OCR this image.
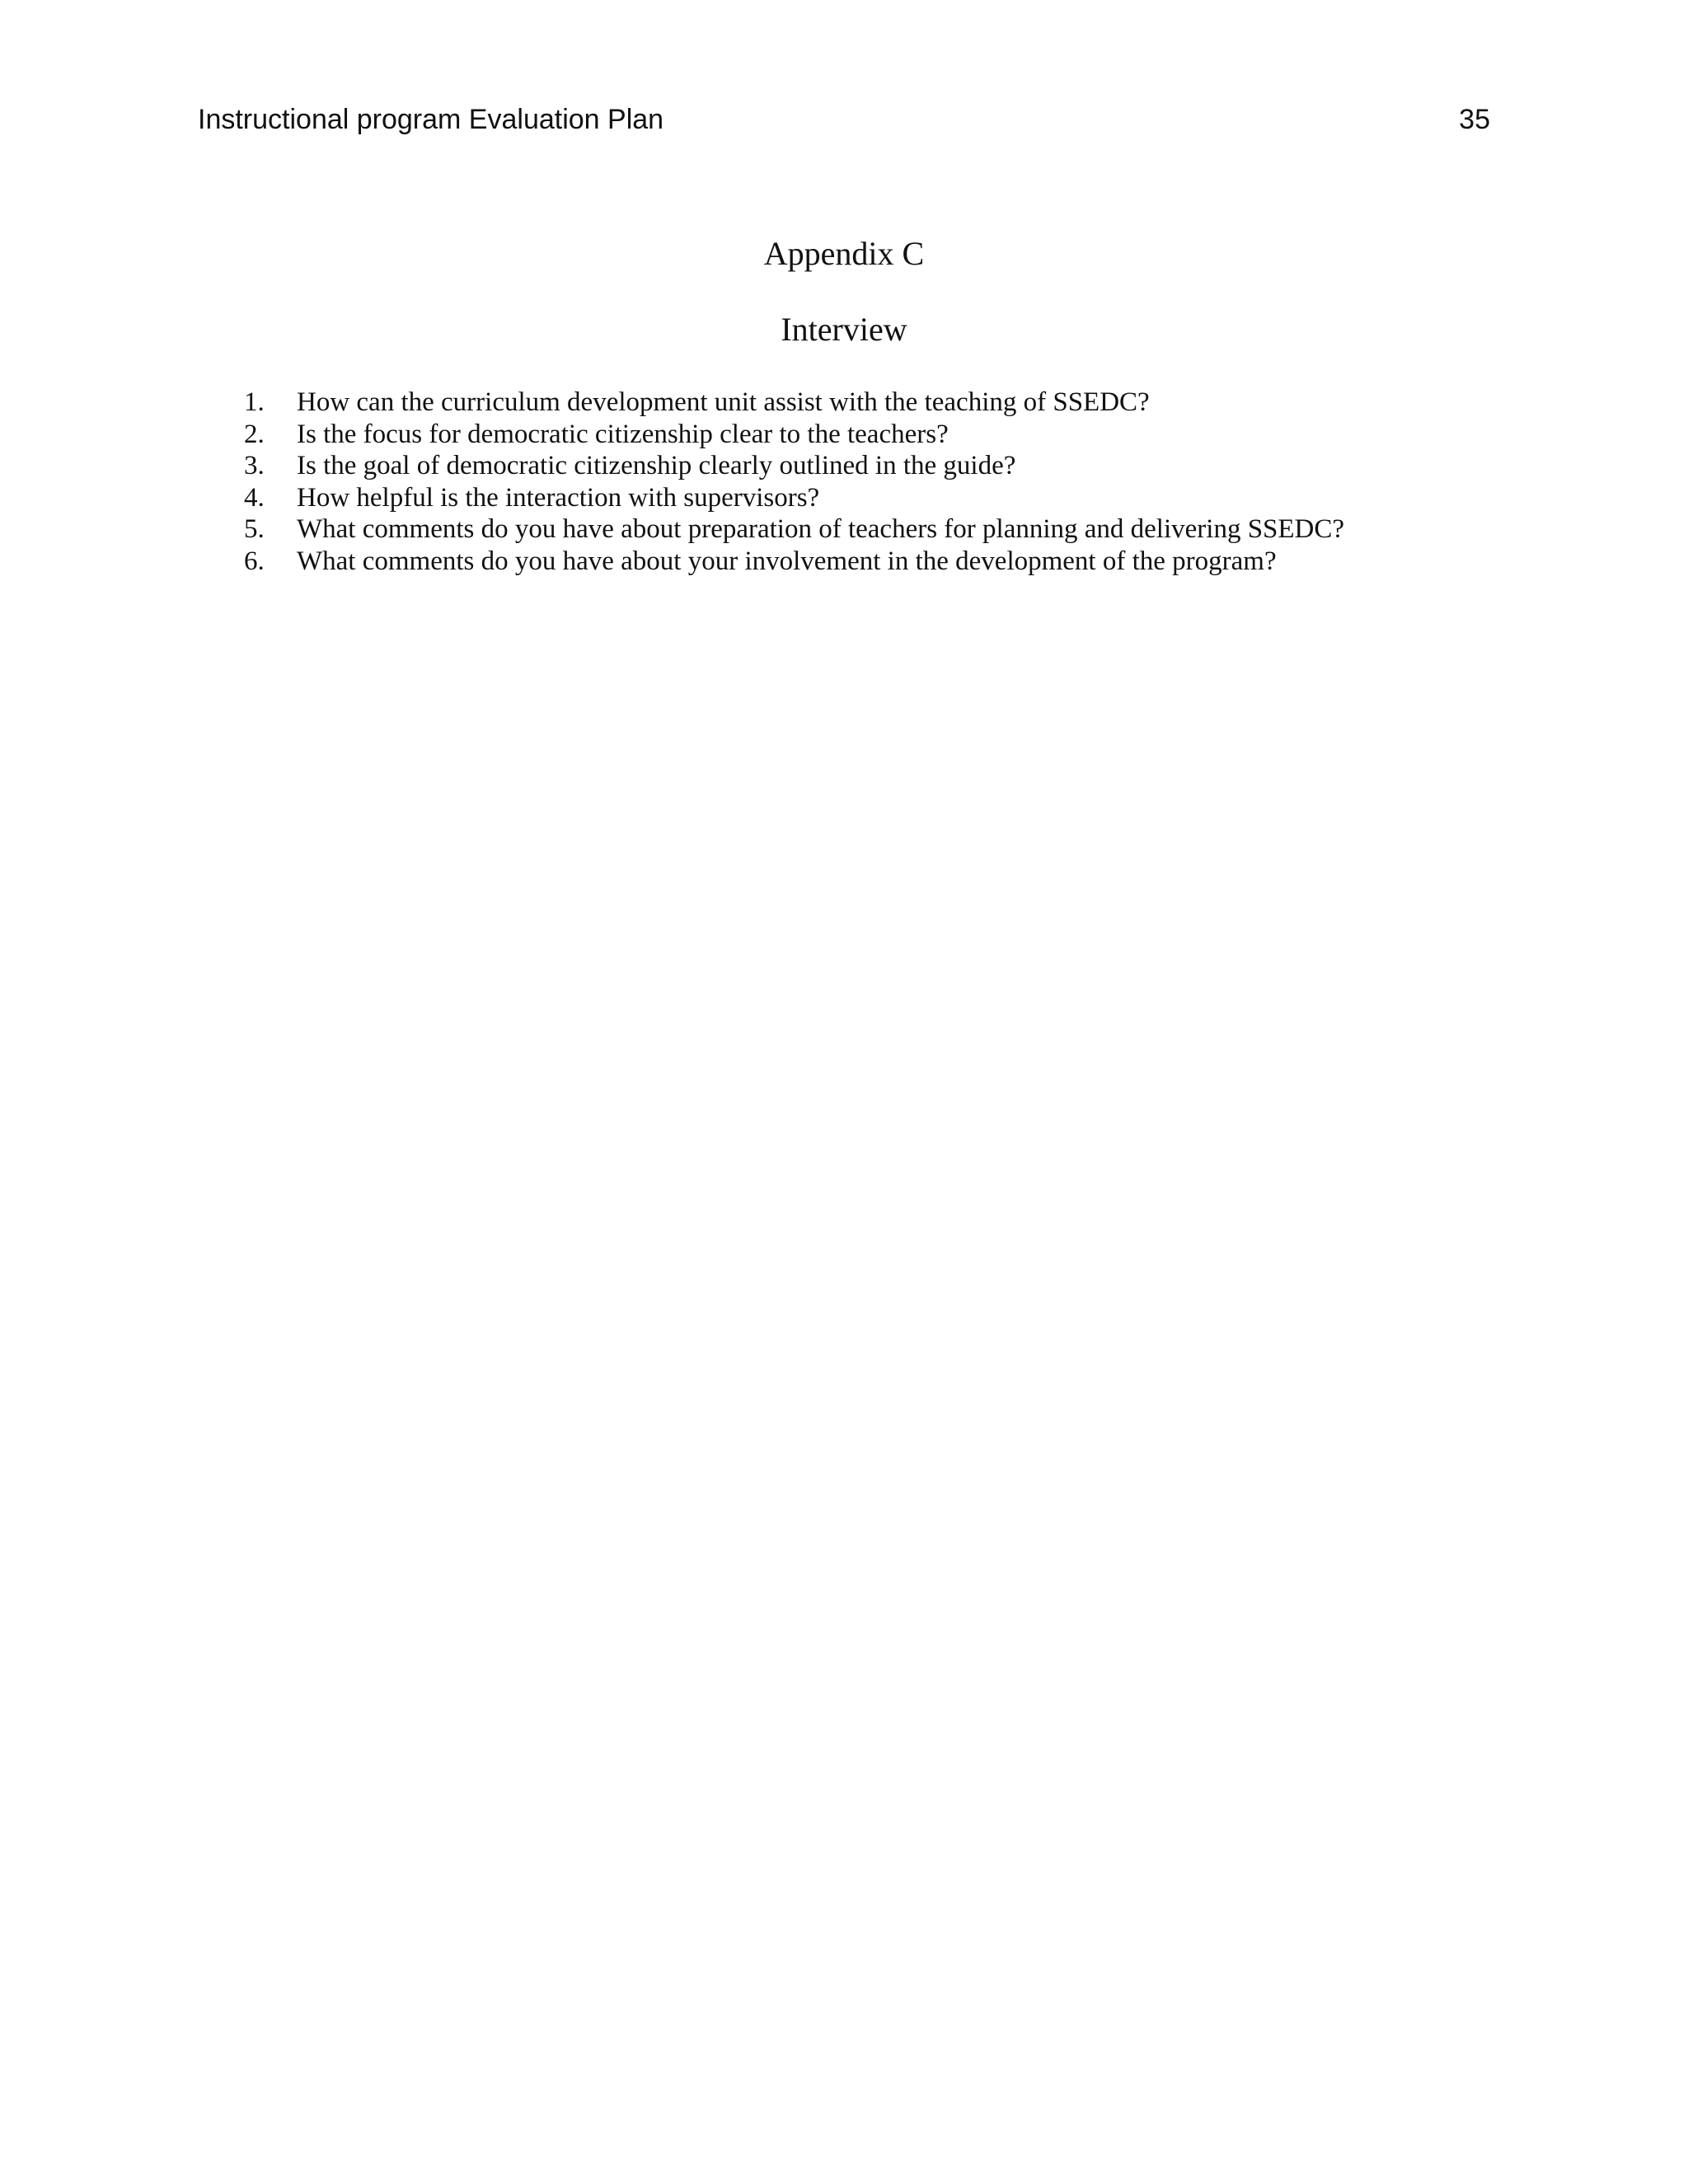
Instructional program Evaluation Plan	35
Appendix C
Interview
1. How can the curriculum development unit assist with the teaching of SSEDC?
2. Is the focus for democratic citizenship clear to the teachers?
3. Is the goal of democratic citizenship clearly outlined in the guide?
4. How helpful is the interaction with supervisors?
5. What comments do you have about preparation of teachers for planning and delivering SSEDC?
6. What comments do you have about your involvement in the development of the program?
